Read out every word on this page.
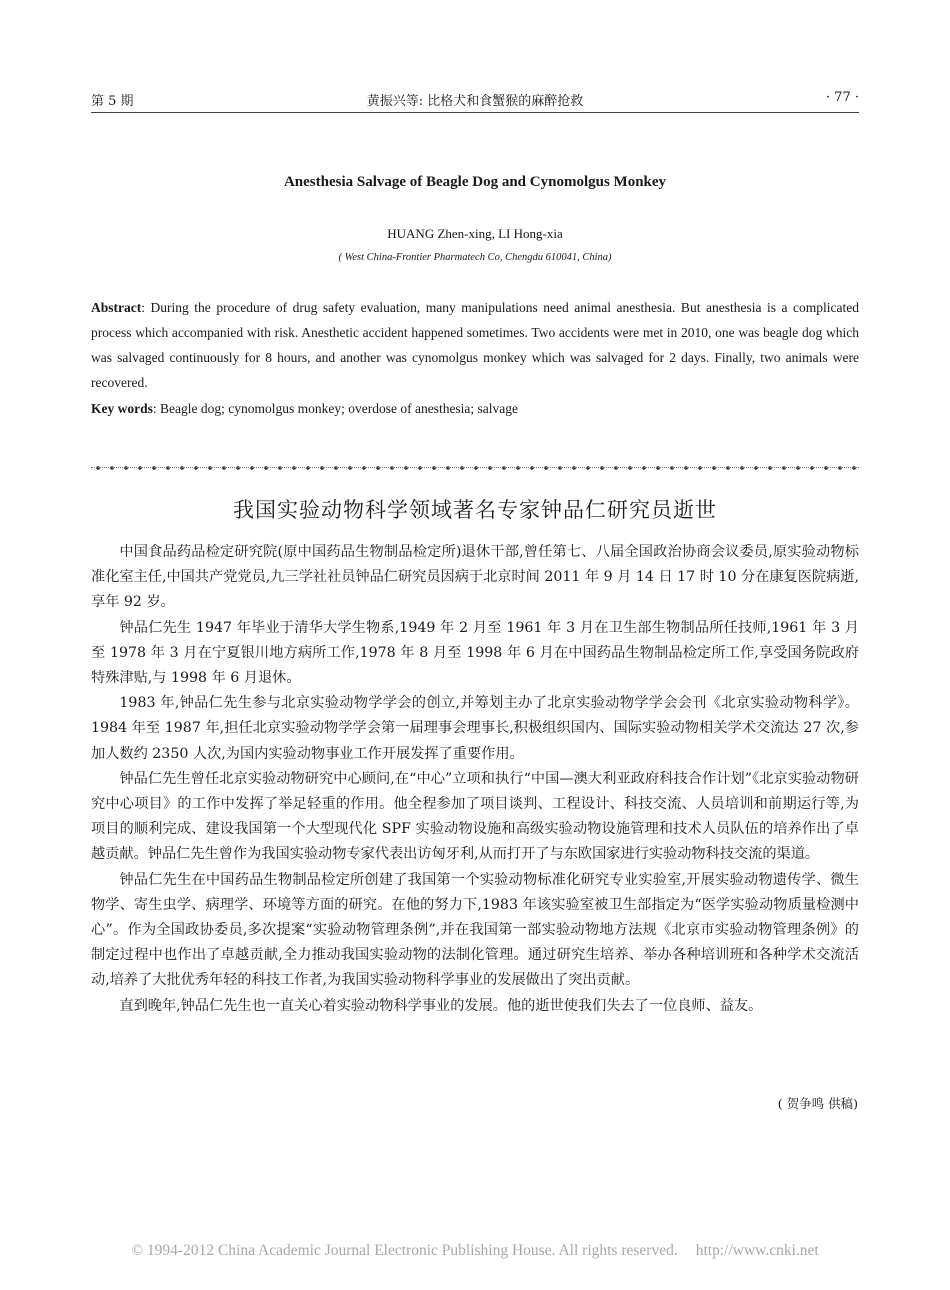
第 5 期	黄振兴等: 比格犬和食蟹猴的麻醉抢救	· 77 ·
Anesthesia Salvage of Beagle Dog and Cynomolgus Monkey
HUANG Zhen-xing, LI Hong-xia
( West China-Frontier Pharmatech Co, Chengdu 610041, China)
Abstract: During the procedure of drug safety evaluation, many manipulations need animal anesthesia. But anesthesia is a complicated process which accompanied with risk. Anesthetic accident happened sometimes. Two accidents were met in 2010, one was beagle dog which was salvaged continuously for 8 hours, and another was cynomolgus monkey which was salvaged for 2 days. Finally, two animals were recovered.
Key words: Beagle dog; cynomolgus monkey; overdose of anesthesia; salvage
我国实验动物科学领域著名专家钟品仁研究员逝世

中国食品药品检定研究院(原中国药品生物制品检定所)退休干部,曾任第七、八届全国政治协商会议委员,原实验动物标准化室主任,中国共产党党员,九三学社社员钟品仁研究员因病于北京时间 2011 年 9 月 14 日 17 时 10 分在康复医院病逝,享年 92 岁。

钟品仁先生 1947 年毕业于清华大学生物系,1949 年 2 月至 1961 年 3 月在卫生部生物制品所任技师,1961 年 3 月至 1978 年 3 月在宁夏银川地方病所工作,1978 年 8 月至 1998 年 6 月在中国药品生物制品检定所工作,享受国务院政府特殊津贴,与 1998 年 6 月退休。

1983 年,钟品仁先生参与北京实验动物学学会的创立,并筹划主办了北京实验动物学学会会刊《北京实验动物科学》。1984 年至 1987 年,担任北京实验动物学学会第一届理事会理事长,积极组织国内、国际实验动物相关学术交流达 27 次,参加人数约 2350 人次,为国内实验动物事业工作开展发挥了重要作用。

钟品仁先生曾任北京实验动物研究中心顾问,在“中心”立项和执行“中国—澳大利亚政府科技合作计划”《北京实验动物研究中心项目》的工作中发挥了举足轻重的作用。他全程参加了项目谈判、工程设计、科技交流、人员培训和前期运行等,为项目的顺利完成、建设我国第一个大型现代化 SPF 实验动物设施和高级实验动物设施管理和技术人员队伍的培养作出了卓越贡献。钟品仁先生曾作为我国实验动物专家代表出访匈牙利,从而打开了与东欧国家进行实验动物科技交流的渠道。

钟品仁先生在中国药品生物制品检定所创建了我国第一个实验动物标准化研究专业实验室,开展实验动物遗传学、微生物学、寄生虫学、病理学、环境等方面的研究。在他的努力下,1983 年该实验室被卫生部指定为“医学实验动物质量检测中心”。作为全国政协委员,多次提案“实验动物管理条例”,并在我国第一部实验动物地方法规《北京市实验动物管理条例》的制定过程中也作出了卓越贡献,全力推动我国实验动物的法制化管理。通过研究生培养、举办各种培训班和各种学术交流活动,培养了大批优秀年轻的科技工作者,为我国实验动物科学事业的发展做出了突出贡献。

直到晚年,钟品仁先生也一直关心着实验动物科学事业的发展。他的逝世使我们失去了一位良师、益友。

( 贺争鸣 供稿)
© 1994-2012 China Academic Journal Electronic Publishing House. All rights reserved. http://www.cnki.net
